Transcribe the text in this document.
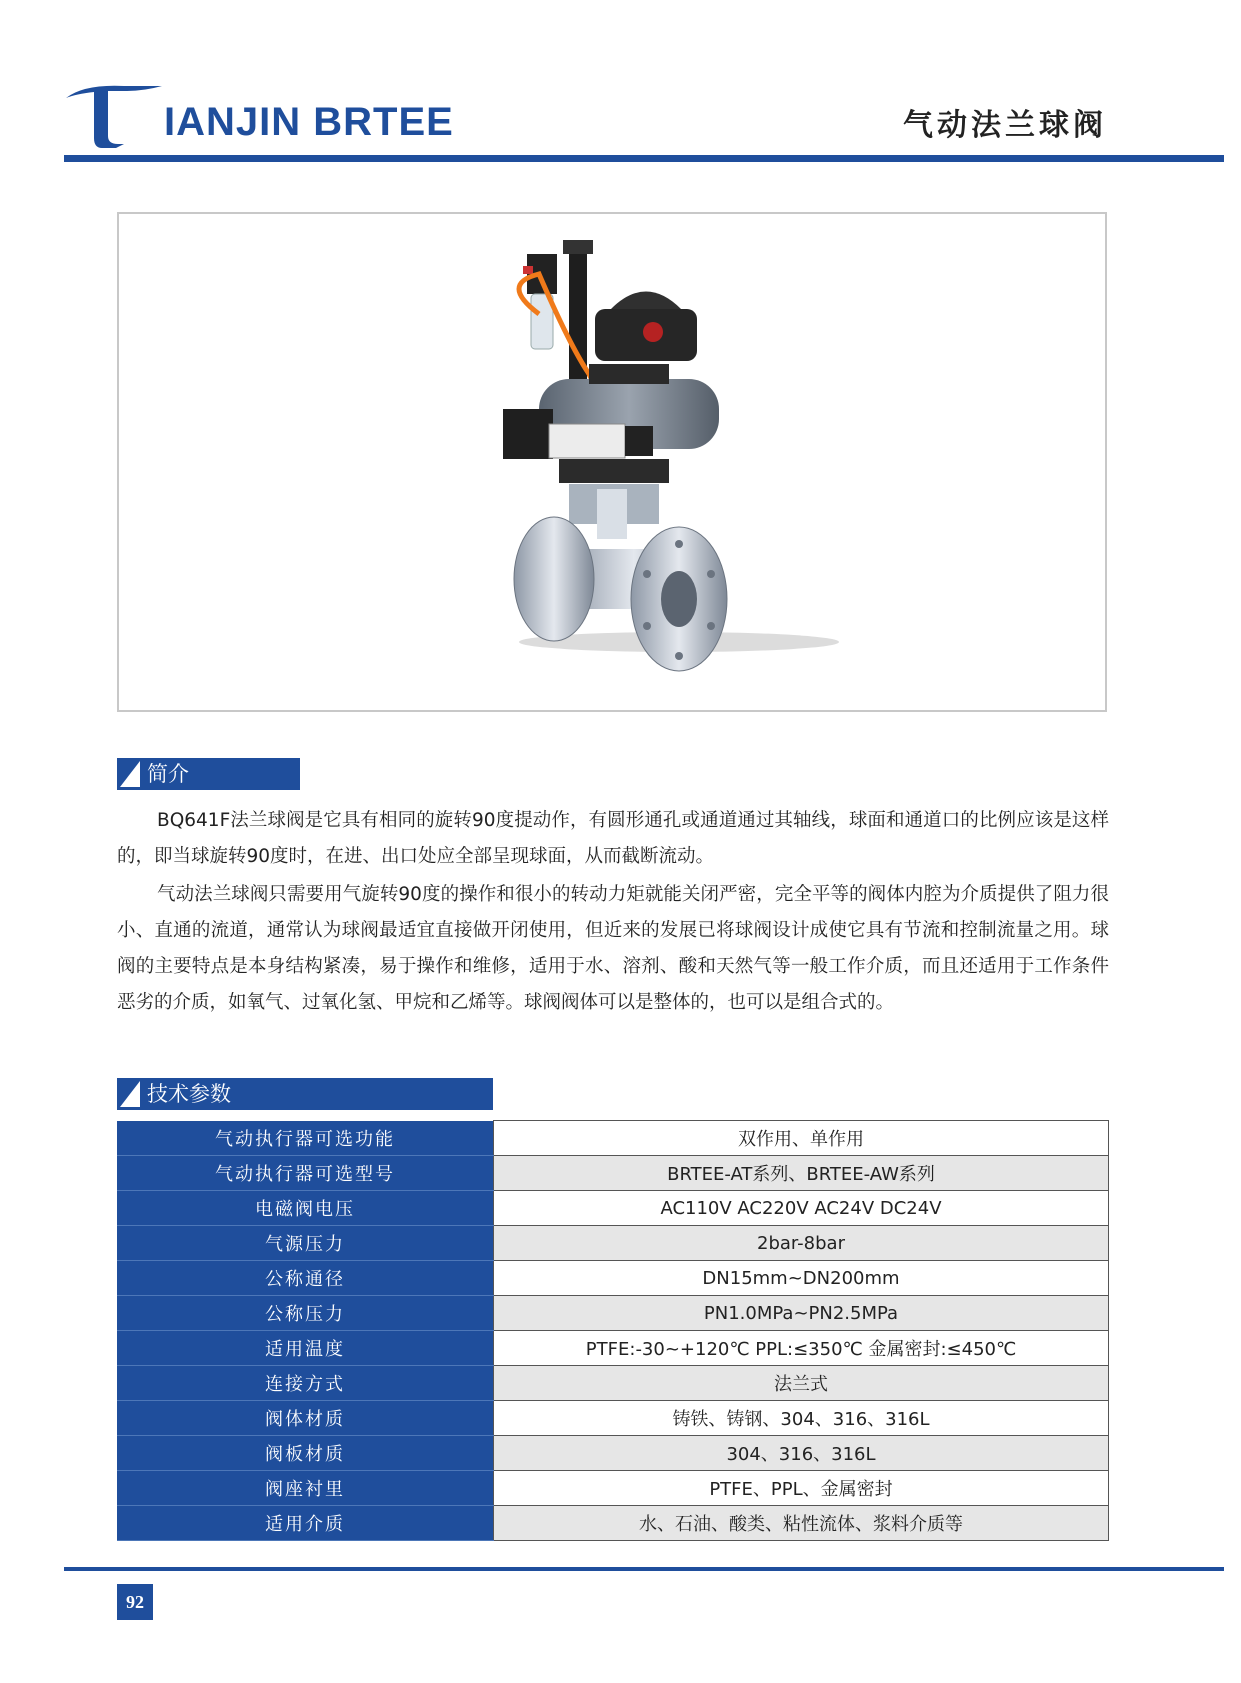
IANJIN BRTEE	气动法兰球阀
简介

BQ641F法兰球阀是它具有相同的旋转90度提动作，有圆形通孔或通道通过其轴线，球面和通道口的比例应该是这样的，即当球旋转90度时，在进、出口处应全部呈现球面，从而截断流动。

气动法兰球阀只需要用气旋转90度的操作和很小的转动力矩就能关闭严密，完全平等的阀体内腔为介质提供了阻力很小、直通的流道，通常认为球阀最适宜直接做开闭使用，但近来的发展已将球阀设计成使它具有节流和控制流量之用。球阀的主要特点是本身结构紧凑，易于操作和维修，适用于水、溶剂、酸和天然气等一般工作介质，而且还适用于工作条件恶劣的介质，如氧气、过氧化氢、甲烷和乙烯等。球阀阀体可以是整体的，也可以是组合式的。

技术参数
气动执行器可选功能	双作用、单作用
气动执行器可选型号	BRTEE-AT系列、BRTEE-AW系列
电磁阀电压	AC110V AC220V AC24V DC24V
气源压力	2bar-8bar
公称通径	DN15mm~DN200mm
公称压力	PN1.0MPa~PN2.5MPa
适用温度	PTFE:-30~+120℃ PPL:≤350℃ 金属密封:≤450℃
连接方式	法兰式
阀体材质	铸铁、铸钢、304、316、316L
阀板材质	304、316、316L
阀座衬里	PTFE、PPL、金属密封
适用介质	水、石油、酸类、粘性流体、浆料介质等
92
